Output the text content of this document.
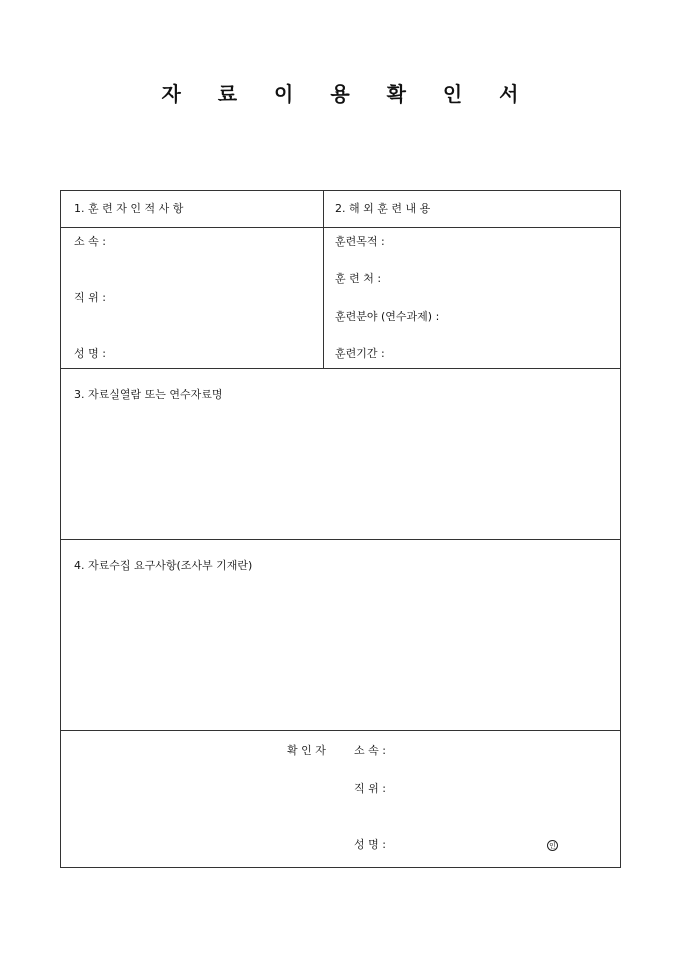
자 료 이 용 확 인 서
1. 훈 련 자 인 적 사 항
소 속 :
직 위 :
성 명 :
2. 해 외 훈 련 내 용
훈련목적 :
훈 련 처 :
훈련분야 (연수과제) :
훈련기간 :
3. 자료실열람 또는 연수자료명
4. 자료수집 요구사항(조사부 기재란)
확 인 자	소 속 :
직 위 :
성 명 :	인
